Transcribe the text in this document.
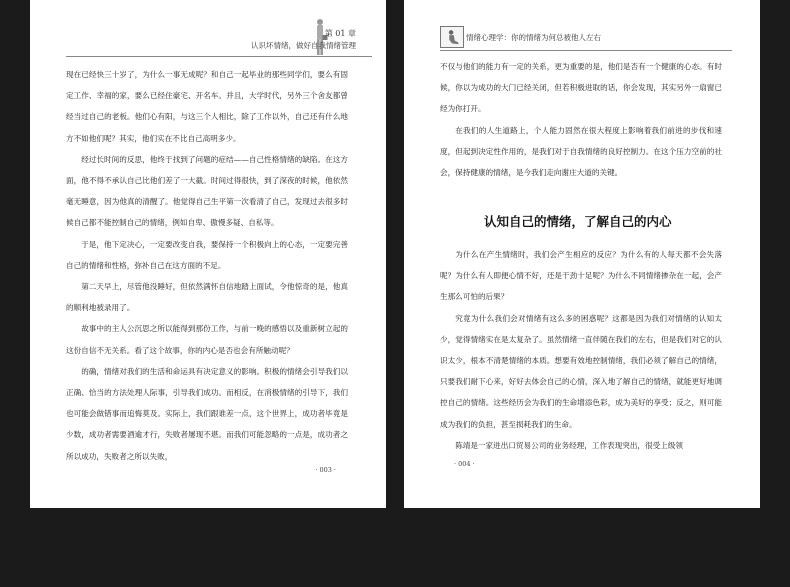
第 01 章
认识坏情绪，做好自我情绪管理

现在已经快三十岁了，为什么一事无成呢？和自己一起毕业的那些同学们，要么有固定工作、幸福的家，要么已经住豪宅、开名车。并且，大学时代，另外三个舍友都曾经当过自己的老板。他们心有阳，与这三个人相比，除了工作以外，自己还有什么地方不如他们呢？其实，他们实在不比自己高明多少。

经过长时间的反思，他终于找到了问题的症结——自己性格情绪的缺陷。在这方面，他不得不承认自己比他们差了一大截。时间过得很快，到了深夜的时候，他依然毫无睡意，因为他真的清醒了。他觉得自己生平第一次看清了自己，发现过去很多时候自己都不能控制自己的情绪，例如自卑、傲慢多疑、自私等。

于是，他下定决心，一定要改变自我，要保持一个积极向上的心态，一定要完善自己的情绪和性格，弥补自己在这方面的不足。

第二天早上，尽管他没睡好，但依然满怀自信地踏上面试，令他惊奇的是，他真的顺利地被录用了。

故事中的主人公沉思之所以能得到那份工作，与前一晚的感悟以及重新树立起的这份自信不无关系。看了这个故事，你的内心是否也会有所触动呢？

的确，情绪对我们的生活和命运具有决定意义的影响。积极的情绪会引导我们以正确、恰当的方法处理人际事，引导我们成功。而相反，在消极情绪的引导下，我们也可能会做错事而追悔莫及。实际上，我们跟谁差一点，这个世界上，成功者毕竟是少数，成功者需要酒逾才行，失败者屡现不堪。而我们可能忽略的一点是，成功者之所以成功，失败者之所以失败，

· 003 ·
情绪心理学：你的情绪为何总被他人左右

不仅与他们的能力有一定的关系，更为重要的是，他们是否有一个健康的心态。有时候，你以为成功的大门已经关闭，但若积极进取的话，你会发现，其实另外一扇窗已经为你打开。

在我们的人生道路上，个人能力固然在很大程度上影响着我们前进的步伐和速度，但起到决定性作用的，是我们对于自我情绪的良好控制力。在这个压力空前的社会，保持健康的情绪，是今我们走向谢庄大道的关键。

认知自己的情绪，了解自己的内心

为什么在产生情绪时，我们会产生相应的反应？为什么有的人每天都不会失落呢？为什么有人即便心情不好，还是干劲十足呢？为什么不同情绪掺杂在一起，会产生那么可怕的后果？

究竟为什么我们会对情绪有这么多的困惑呢？这都是因为我们对情绪的认知太少，觉得情绪实在是太复杂了。虽然情绪一直伴随在我们的左右，但是我们对它的认识太少，根本不清楚情绪的本质。想要有效地控制情绪，我们必须了解自己的情绪，只要我们耐下心来，好好去体会自己的心情，深入地了解自己的情绪，就能更好地调控自己的情绪。这些经历会为我们的生命增添色彩，成为美好的享受；反之，则可能成为我们的负担，甚至损耗我们的生命。

陈靖是一家进出口贸易公司的业务经理，工作表现突出，很受上级领

· 004 ·
